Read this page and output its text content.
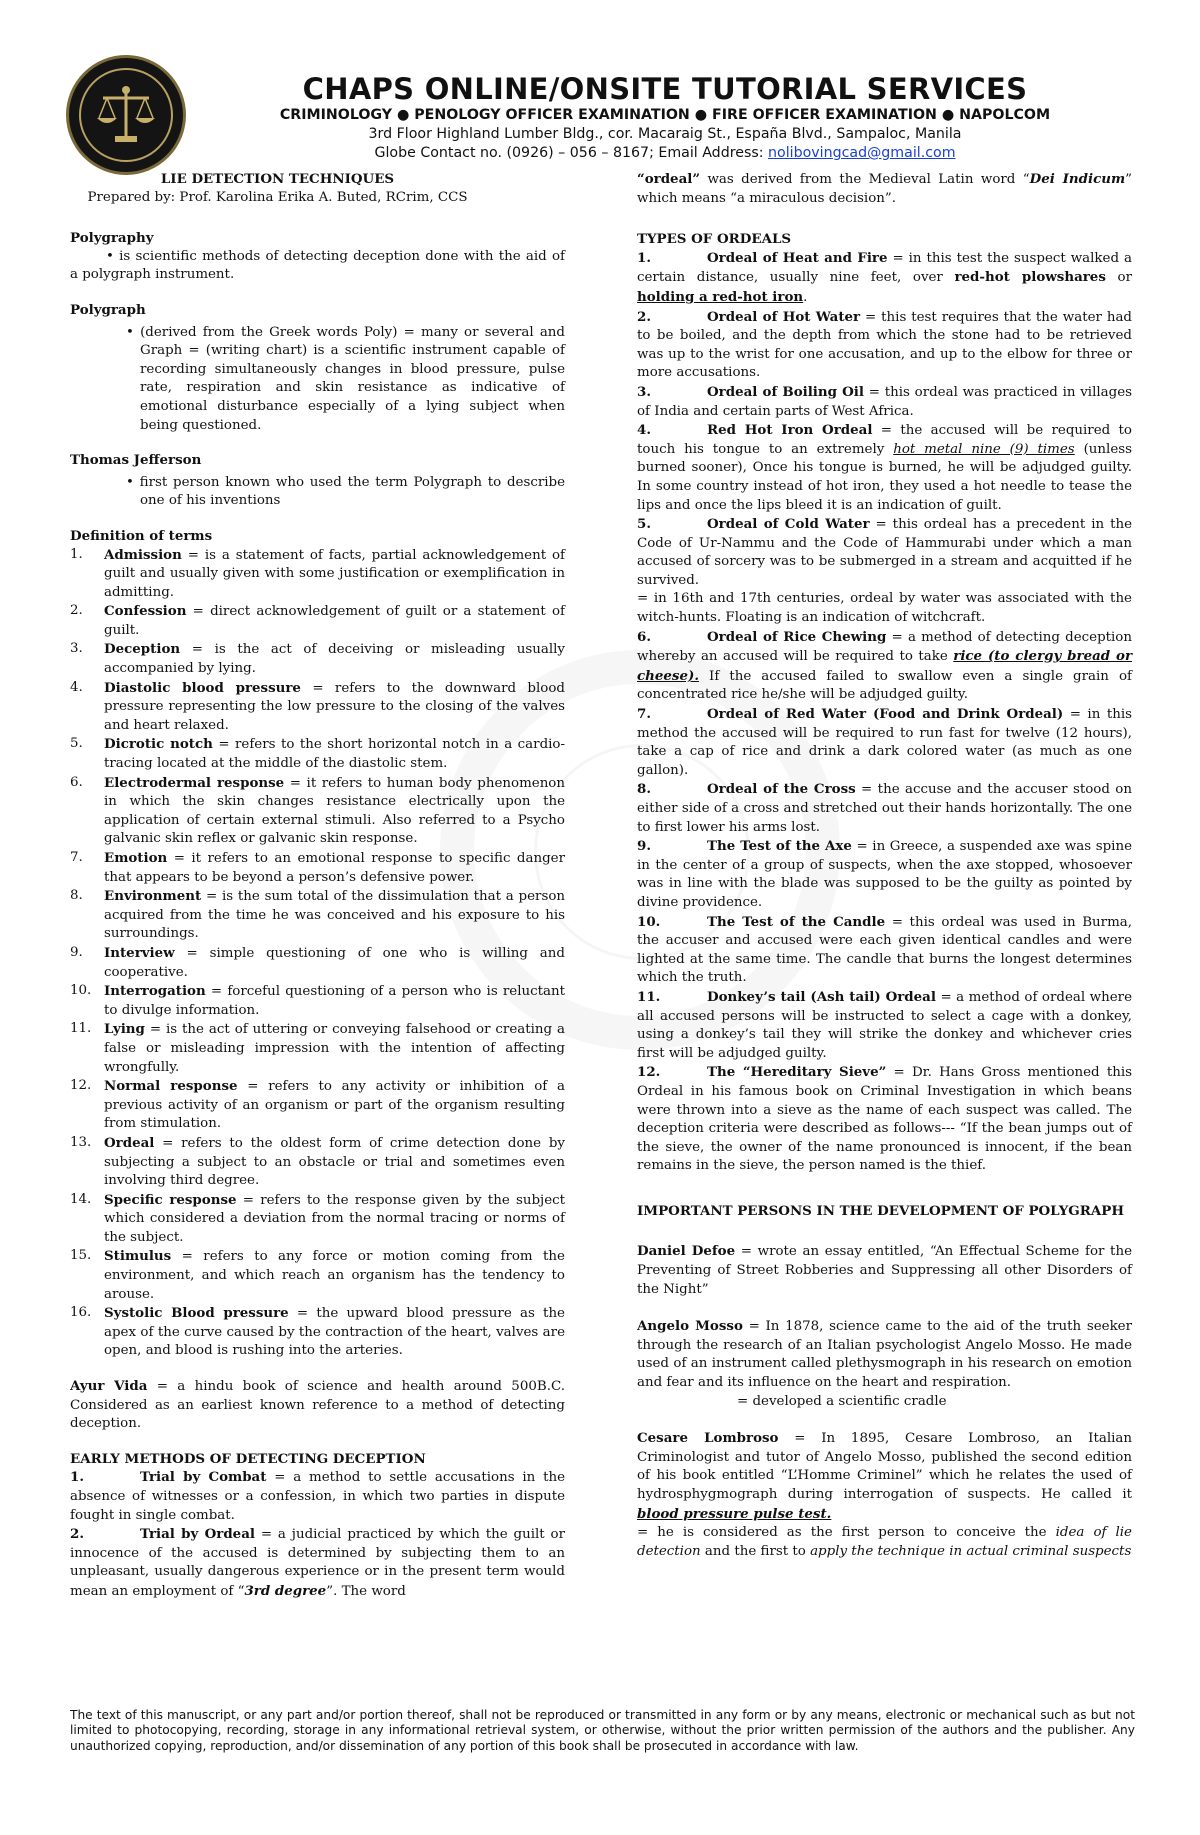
CHAPS ONLINE/ONSITE TUTORIAL SERVICES

CRIMINOLOGY ● PENOLOGY OFFICER EXAMINATION ● FIRE OFFICER EXAMINATION ● NAPOLCOM

3rd Floor Highland Lumber Bldg., cor. Macaraig St., España Blvd., Sampaloc, Manila

Globe Contact no. (0926) – 056 – 8167; Email Address: nolibovingcad@gmail.com

LIE DETECTION TECHNIQUES

Prepared by: Prof. Karolina Erika A. Buted, RCrim, CCS

Polygraphy

• is scientific methods of detecting deception done with the aid of a polygraph instrument.

Polygraph

• (derived from the Greek words Poly) = many or several and Graph = (writing chart) is a scientific instrument capable of recording simultaneously changes in blood pressure, pulse rate, respiration and skin resistance as indicative of emotional disturbance especially of a lying subject when being questioned.

Thomas Jefferson

• first person known who used the term Polygraph to describe one of his inventions

Definition of terms

1. Admission = is a statement of facts, partial acknowledgement of guilt and usually given with some justification or exemplification in admitting.
2. Confession = direct acknowledgement of guilt or a statement of guilt.
3. Deception = is the act of deceiving or misleading usually accompanied by lying.
4. Diastolic blood pressure = refers to the downward blood pressure representing the low pressure to the closing of the valves and heart relaxed.
5. Dicrotic notch = refers to the short horizontal notch in a cardio-tracing located at the middle of the diastolic stem.
6. Electrodermal response = it refers to human body phenomenon in which the skin changes resistance electrically upon the application of certain external stimuli. Also referred to a Psycho galvanic skin reflex or galvanic skin response.
7. Emotion = it refers to an emotional response to specific danger that appears to be beyond a person’s defensive power.
8. Environment = is the sum total of the dissimulation that a person acquired from the time he was conceived and his exposure to his surroundings.
9. Interview = simple questioning of one who is willing and cooperative.
10. Interrogation = forceful questioning of a person who is reluctant to divulge information.
11. Lying = is the act of uttering or conveying falsehood or creating a false or misleading impression with the intention of affecting wrongfully.
12. Normal response = refers to any activity or inhibition of a previous activity of an organism or part of the organism resulting from stimulation.
13. Ordeal = refers to the oldest form of crime detection done by subjecting a subject to an obstacle or trial and sometimes even involving third degree.
14. Specific response = refers to the response given by the subject which considered a deviation from the normal tracing or norms of the subject.
15. Stimulus = refers to any force or motion coming from the environment, and which reach an organism has the tendency to arouse.
16. Systolic Blood pressure = the upward blood pressure as the apex of the curve caused by the contraction of the heart, valves are open, and blood is rushing into the arteries.

Ayur Vida = a hindu book of science and health around 500B.C. Considered as an earliest known reference to a method of detecting deception.

EARLY METHODS OF DETECTING DECEPTION

1.	Trial by Combat = a method to settle accusations in the absence of witnesses or a confession, in which two parties in dispute fought in single combat.

2.	Trial by Ordeal = a judicial practiced by which the guilt or innocence of the accused is determined by subjecting them to an unpleasant, usually dangerous experience or in the present term would mean an employment of “3rd degree”. The word

“ordeal” was derived from the Medieval Latin word “Dei Indicum” which means “a miraculous decision”.

TYPES OF ORDEALS

1.	Ordeal of Heat and Fire = in this test the suspect walked a certain distance, usually nine feet, over red-hot plowshares or holding a red-hot iron.

2.	Ordeal of Hot Water = this test requires that the water had to be boiled, and the depth from which the stone had to be retrieved was up to the wrist for one accusation, and up to the elbow for three or more accusations.

3.	Ordeal of Boiling Oil = this ordeal was practiced in villages of India and certain parts of West Africa.

4.	Red Hot Iron Ordeal = the accused will be required to touch his tongue to an extremely hot metal nine (9) times (unless burned sooner), Once his tongue is burned, he will be adjudged guilty. In some country instead of hot iron, they used a hot needle to tease the lips and once the lips bleed it is an indication of guilt.

5.	Ordeal of Cold Water = this ordeal has a precedent in the Code of Ur-Nammu and the Code of Hammurabi under which a man accused of sorcery was to be submerged in a stream and acquitted if he survived.

= in 16th and 17th centuries, ordeal by water was associated with the witch-hunts. Floating is an indication of witchcraft.

6.	Ordeal of Rice Chewing = a method of detecting deception whereby an accused will be required to take rice (to clergy bread or cheese). If the accused failed to swallow even a single grain of concentrated rice he/she will be adjudged guilty.

7.	Ordeal of Red Water (Food and Drink Ordeal) = in this method the accused will be required to run fast for twelve (12 hours), take a cap of rice and drink a dark colored water (as much as one gallon).

8.	Ordeal of the Cross = the accuse and the accuser stood on either side of a cross and stretched out their hands horizontally. The one to first lower his arms lost.

9.	The Test of the Axe = in Greece, a suspended axe was spine in the center of a group of suspects, when the axe stopped, whosoever was in line with the blade was supposed to be the guilty as pointed by divine providence.

10.	The Test of the Candle = this ordeal was used in Burma, the accuser and accused were each given identical candles and were lighted at the same time. The candle that burns the longest determines which the truth.

11.	Donkey’s tail (Ash tail) Ordeal = a method of ordeal where all accused persons will be instructed to select a cage with a donkey, using a donkey’s tail they will strike the donkey and whichever cries first will be adjudged guilty.

12.	The “Hereditary Sieve” = Dr. Hans Gross mentioned this Ordeal in his famous book on Criminal Investigation in which beans were thrown into a sieve as the name of each suspect was called. The deception criteria were described as follows--- “If the bean jumps out of the sieve, the owner of the name pronounced is innocent, if the bean remains in the sieve, the person named is the thief.

IMPORTANT PERSONS IN THE DEVELOPMENT OF POLYGRAPH

Daniel Defoe = wrote an essay entitled, “An Effectual Scheme for the Preventing of Street Robberies and Suppressing all other Disorders of the Night”

Angelo Mosso = In 1878, science came to the aid of the truth seeker through the research of an Italian psychologist Angelo Mosso. He made used of an instrument called plethysmograph in his research on emotion and fear and its influence on the heart and respiration.

= developed a scientific cradle

Cesare Lombroso = In 1895, Cesare Lombroso, an Italian Criminologist and tutor of Angelo Mosso, published the second edition of his book entitled “L’Homme Criminel” which he relates the used of hydrosphygmograph during interrogation of suspects. He called it blood pressure pulse test.

= he is considered as the first person to conceive the idea of lie detection and the first to apply the technique in actual criminal suspects

The text of this manuscript, or any part and/or portion thereof, shall not be reproduced or transmitted in any form or by any means, electronic or mechanical such as but not limited to photocopying, recording, storage in any informational retrieval system, or otherwise, without the prior written permission of the authors and the publisher. Any unauthorized copying, reproduction, and/or dissemination of any portion of this book shall be prosecuted in accordance with law.
